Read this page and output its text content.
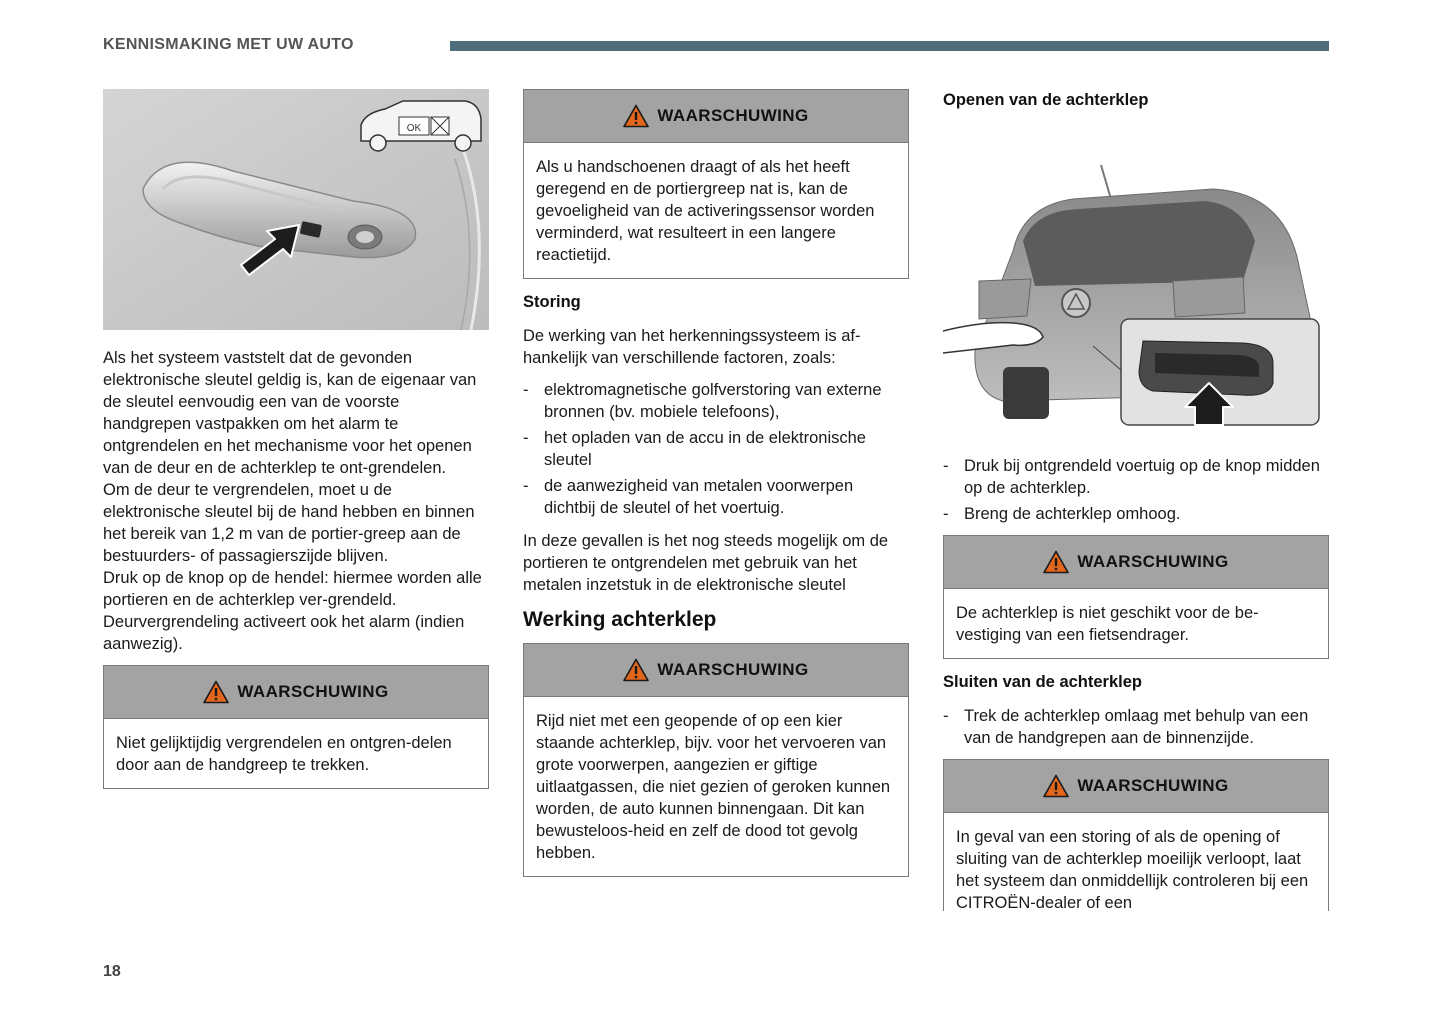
KENNISMAKING MET UW AUTO
OK

Als het systeem vaststelt dat de gevonden elektronische sleutel geldig is, kan de eigenaar van de sleutel eenvoudig een van de voorste handgrepen vastpakken om het alarm te ontgrendelen en het mechanisme voor het openen van de deur en de achterklep te ont-grendelen.

Om de deur te vergrendelen, moet u de elektronische sleutel bij de hand hebben en binnen het bereik van 1,2 m van de portier-greep aan de bestuurders- of passagierszijde blijven.

Druk op de knop op de hendel: hiermee worden alle portieren en de achterklep ver-grendeld. Deurvergrendeling activeert ook het alarm (indien aanwezig).

WAARSCHUWING
Niet gelijktijdig vergrendelen en ontgren-delen door aan de handgreep te trekken.
WAARSCHUWING
Als u handschoenen draagt of als het heeft geregend en de portiergreep nat is, kan de gevoeligheid van de activeringssensor worden verminderd, wat resulteert in een langere reactietijd.

Storing

De werking van het herkenningssysteem is af-hankelijk van verschillende factoren, zoals:

- elektromagnetische golfverstoring van externe bronnen (bv. mobiele telefoons),
- het opladen van de accu in de elektronische sleutel
- de aanwezigheid van metalen voorwerpen dichtbij de sleutel of het voertuig.

In deze gevallen is het nog steeds mogelijk om de portieren te ontgrendelen met gebruik van het metalen inzetstuk in de elektronische sleutel

Werking achterklep

WAARSCHUWING
Rijd niet met een geopende of op een kier staande achterklep, bijv. voor het vervoeren van grote voorwerpen, aangezien er giftige uitlaatgassen, die niet gezien of geroken kunnen worden, de auto kunnen binnengaan. Dit kan bewusteloos-heid en zelf de dood tot gevolg hebben.

Openen van de achterklep

- Druk bij ontgrendeld voertuig op de knop midden op de achterklep.
- Breng de achterklep omhoog.
WAARSCHUWING
De achterklep is niet geschikt voor de be-vestiging van een fietsendrager.

Sluiten van de achterklep

- Trek de achterklep omlaag met behulp van een van de handgrepen aan de binnenzijde.
WAARSCHUWING
In geval van een storing of als de opening of sluiting van de achterklep moeilijk verloopt, laat het systeem dan onmiddellijk controleren bij een CITROËN-dealer of een
18
